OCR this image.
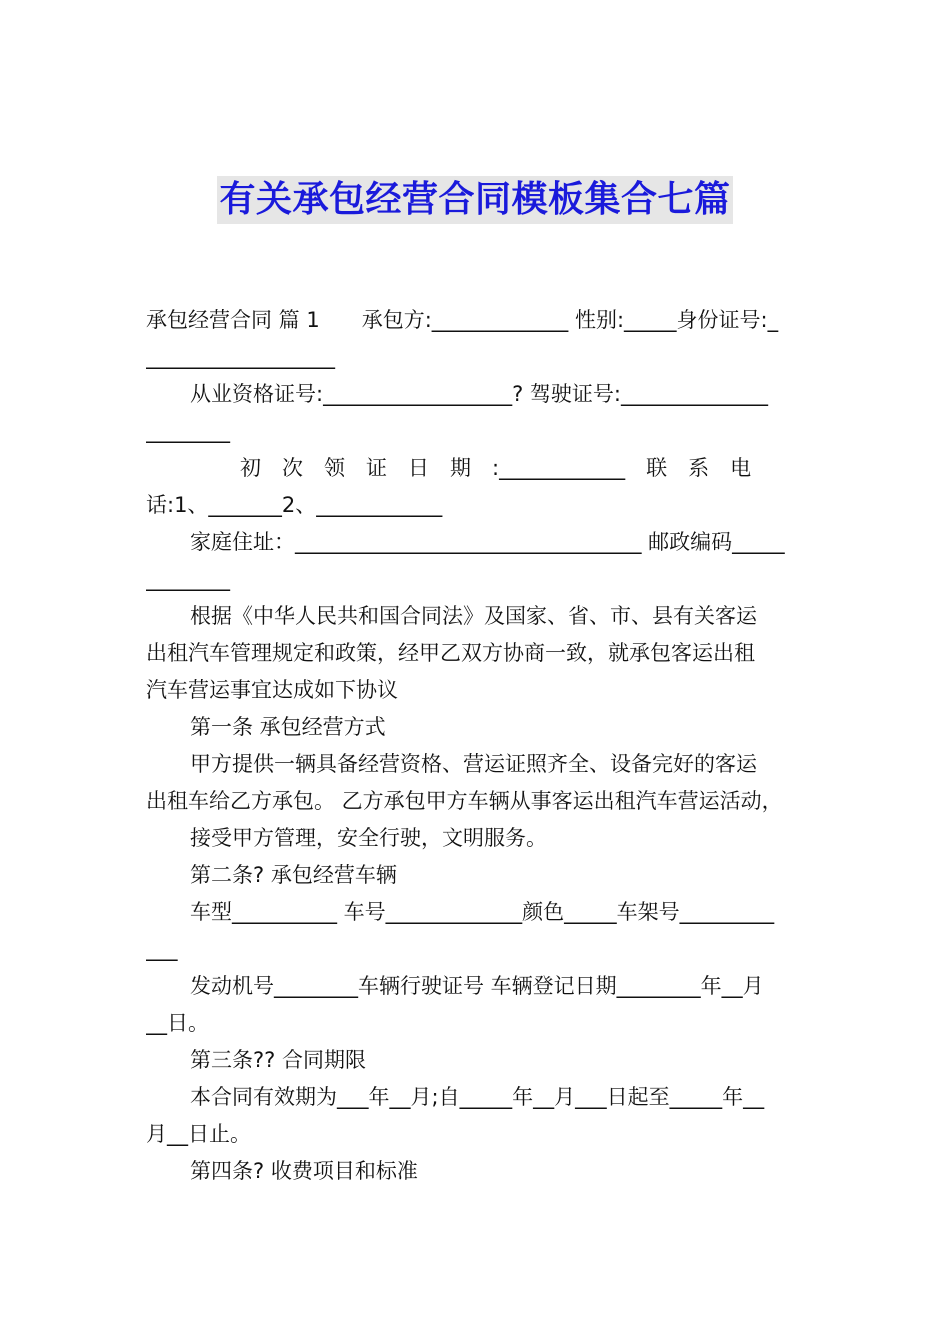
有关承包经营合同模板集合七篇
承包经营合同 篇 1　　承包方:_____________ 性别:_____身份证号:_
__________________
从业资格证号:__________________? 驾驶证号:______________
________
初　次　领　证　日　期　:____________　联　系　电
话:1、_______2、____________
家庭住址：_________________________________ 邮政编码_____
________
根据《中华人民共和国合同法》及国家、省、市、县有关客运
出租汽车管理规定和政策，经甲乙双方协商一致，就承包客运出租
汽车营运事宜达成如下协议
第一条 承包经营方式
甲方提供一辆具备经营资格、营运证照齐全、设备完好的客运
出租车给乙方承包。 乙方承包甲方车辆从事客运出租汽车营运活动，
接受甲方管理，安全行驶，文明服务。
第二条? 承包经营车辆
车型__________ 车号_____________颜色_____车架号_________
___
发动机号________车辆行驶证号 车辆登记日期________年__月
__日。
第三条?? 合同期限
本合同有效期为___年__月;自_____年__月___日起至_____年__
月__日止。
第四条? 收费项目和标准
